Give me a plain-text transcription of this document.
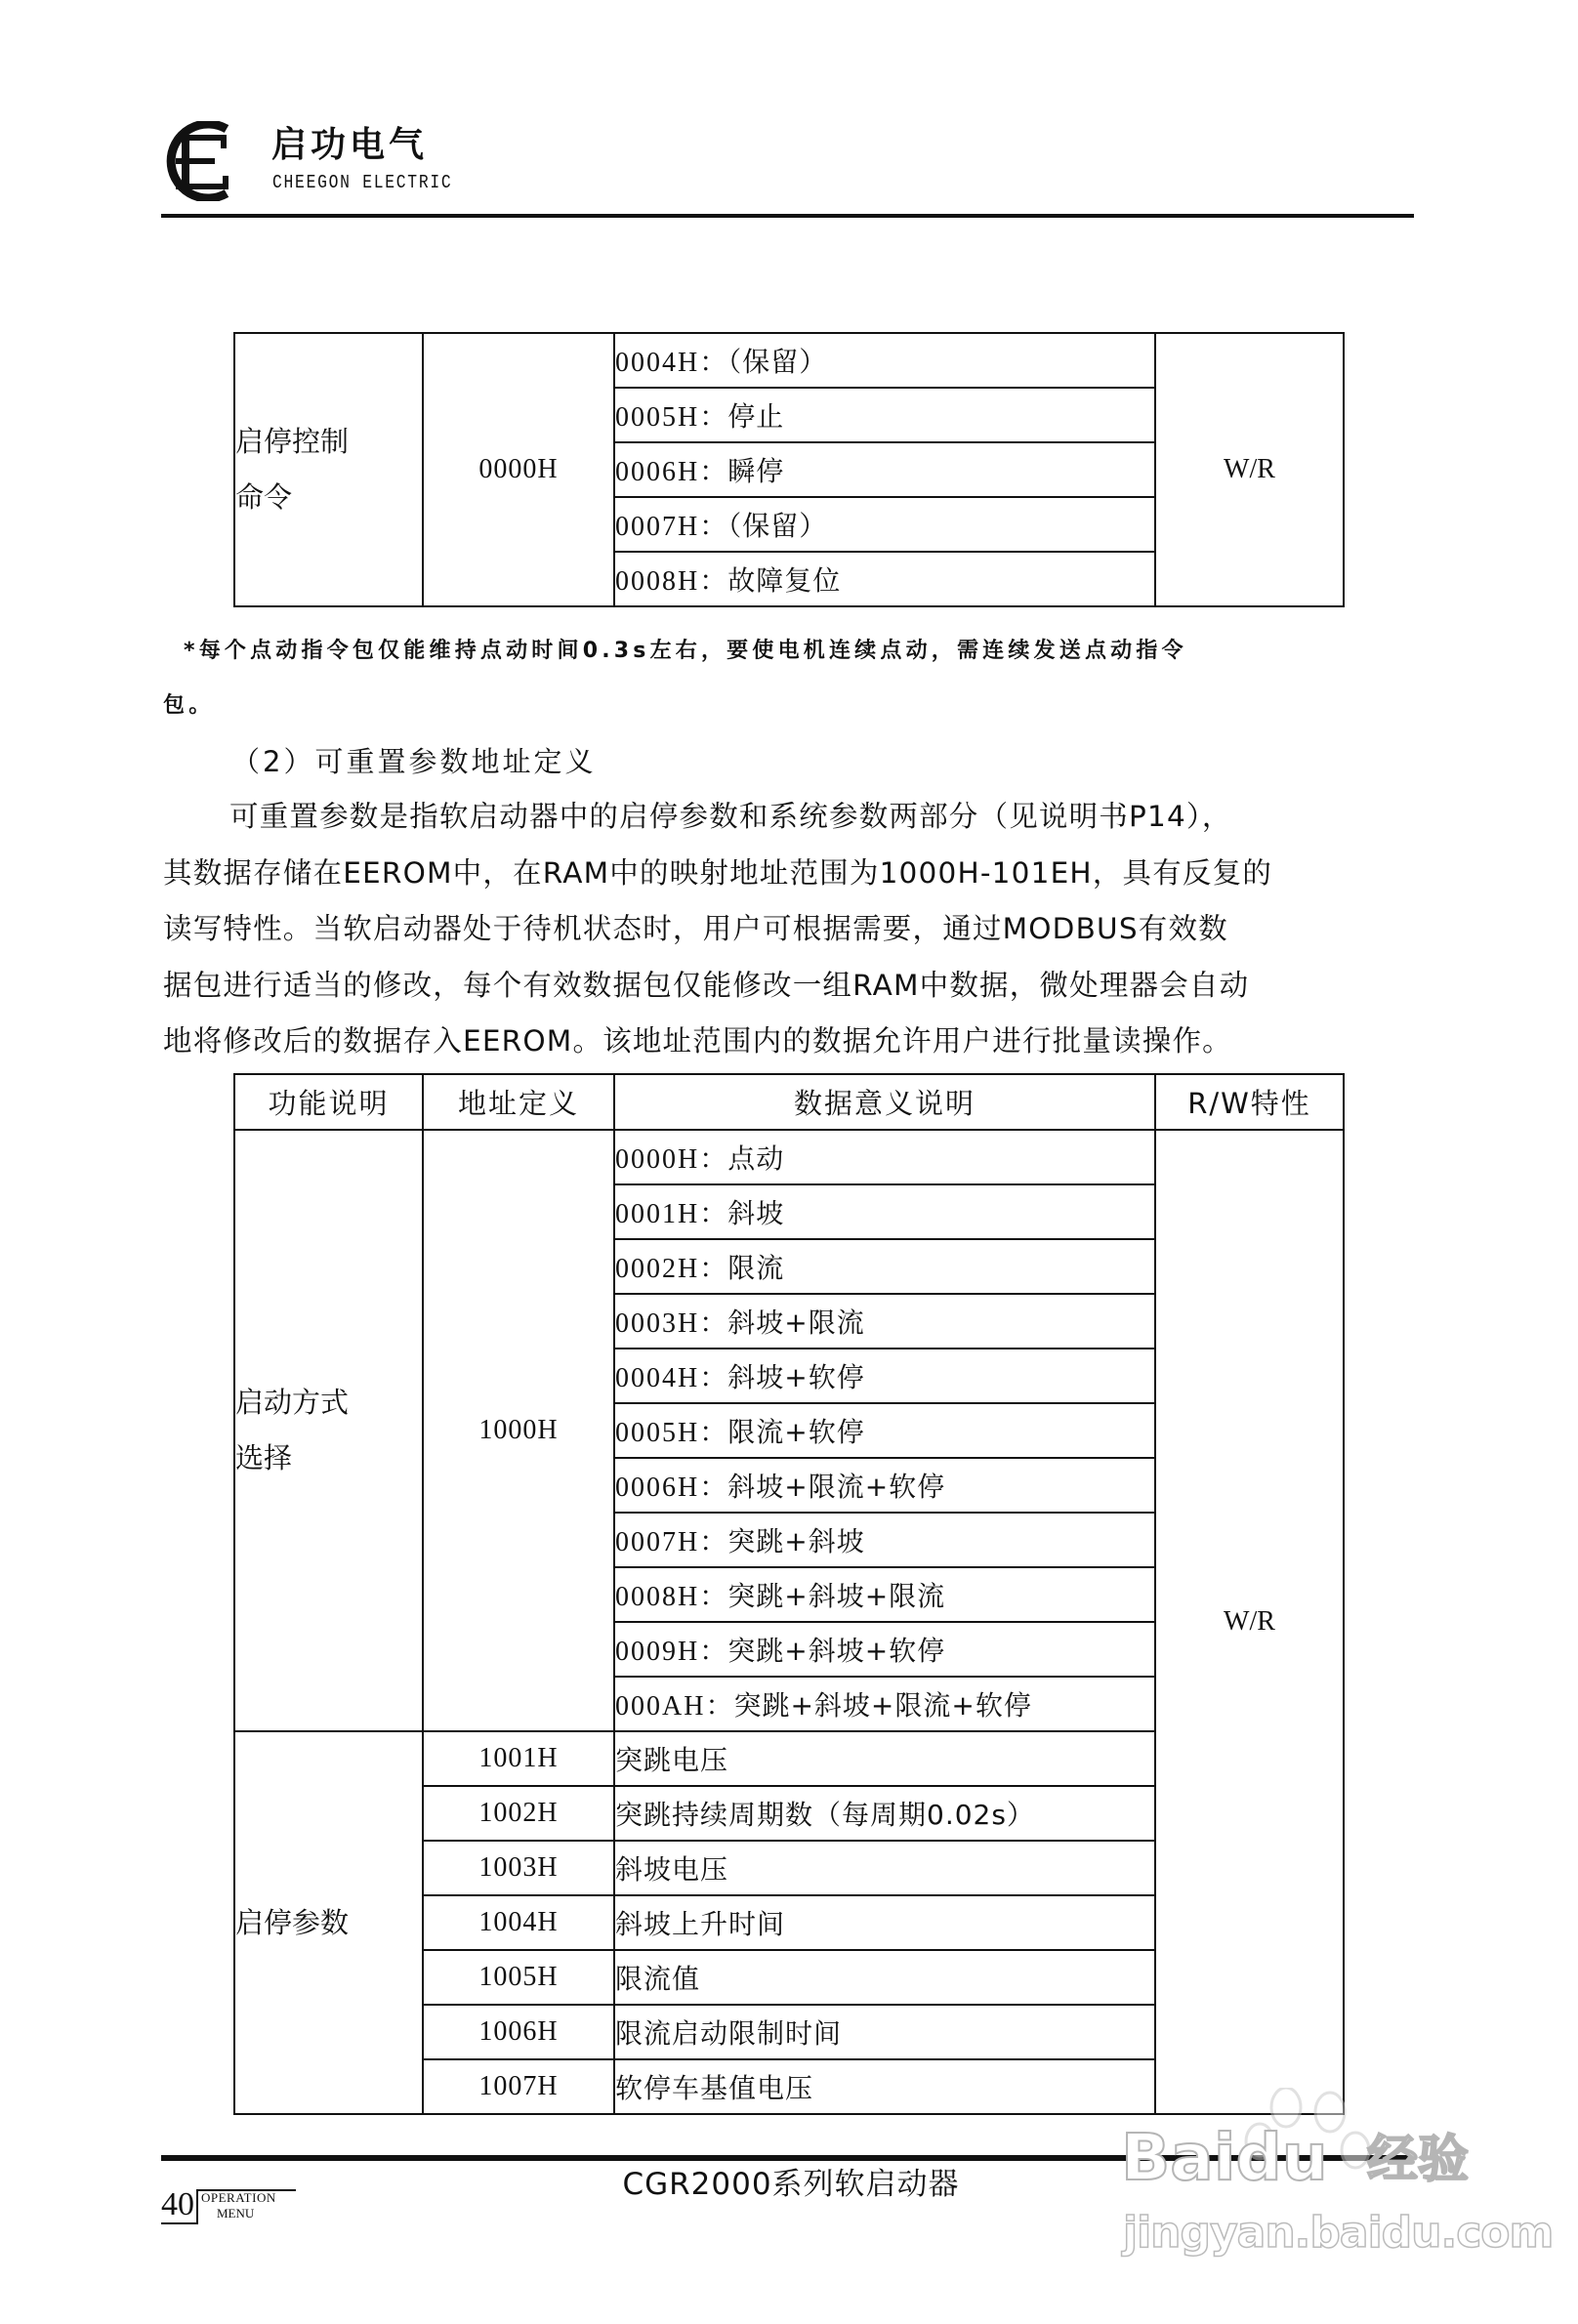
启功电气
CHEEGON ELECTRIC
启停控制
命令
	0000H	0004H：（保留）	W/R
0005H：停止
0006H：瞬停
0007H：（保留）
0008H：故障复位
*每个点动指令包仅能维持点动时间0.3s左右，要使电机连续点动，需连续发送点动指令
包。
（2）可重置参数地址定义
可重置参数是指软启动器中的启停参数和系统参数两部分（见说明书P14），
其数据存储在EEROM中，在RAM中的映射地址范围为1000H-101EH，具有反复的
读写特性。当软启动器处于待机状态时，用户可根据需要，通过MODBUS有效数
据包进行适当的修改，每个有效数据包仅能修改一组RAM中数据，微处理器会自动
地将修改后的数据存入EEROM。该地址范围内的数据允许用户进行批量读操作。
功能说明	地址定义	数据意义说明	R/W特性

启动方式
选择	1000H	0000H：点动	W/R
		0001H：斜坡	
		0002H：限流	
		0003H：斜坡+限流	
		0004H：斜坡+软停	
		0005H：限流+软停	
		0006H：斜坡+限流+软停	
		0007H：突跳+斜坡	
		0008H：突跳+斜坡+限流	
		0009H：突跳+斜坡+软停	
		000AH：突跳+斜坡+限流+软停	
启停参数	1001H	突跳电压	
	1002H	突跳持续周期数（每周期0.02s）	
	1003H	斜坡电压	
	1004H	斜坡上升时间	
	1005H	限流值	
	1006H	限流启动限制时间	
	1007H	软停车基值电压	
CGR2000系列软启动器
40 OPERATION
MENU
Baidu 经验
jingyan.baidu.com
